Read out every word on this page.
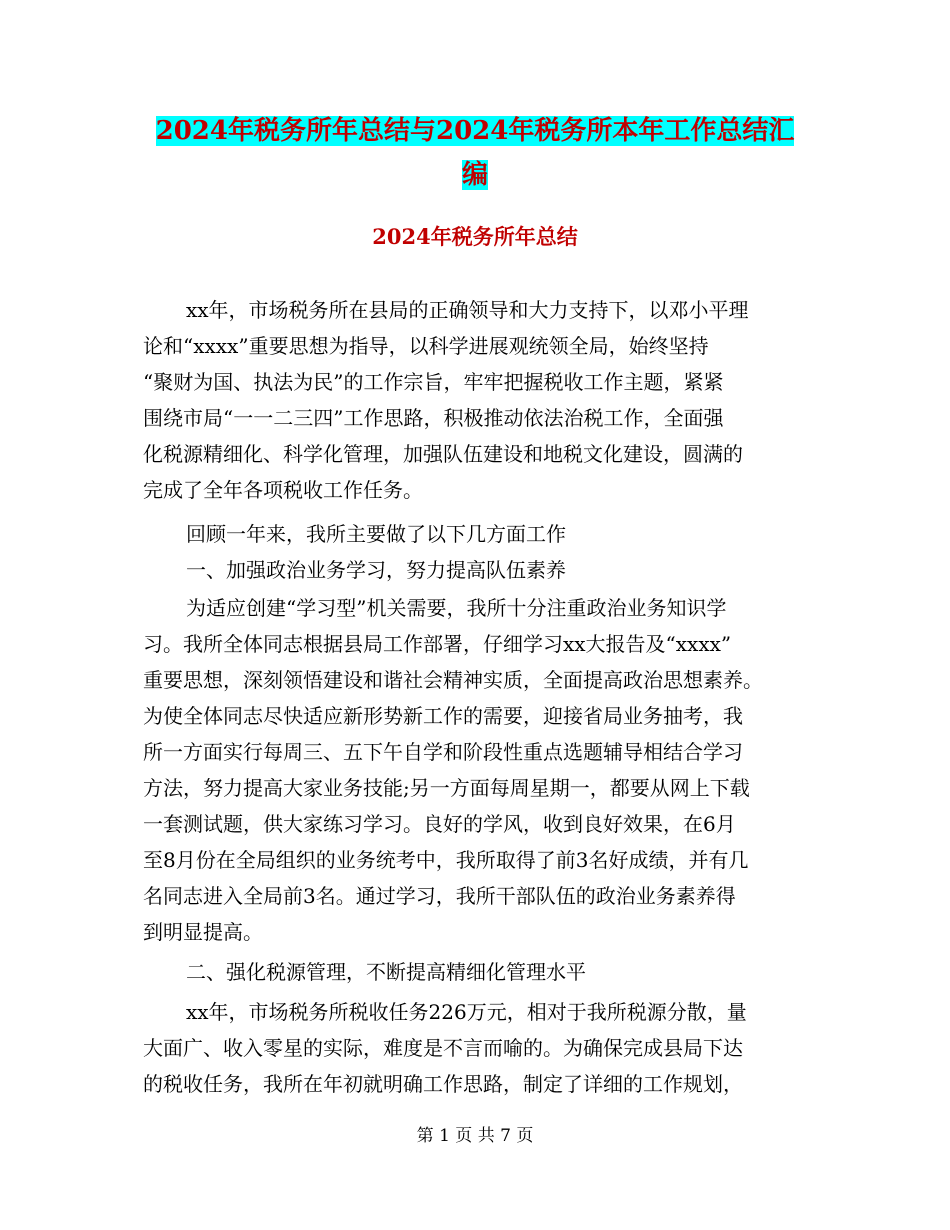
2024年税务所年总结与2024年税务所本年工作总结汇
编
2024年税务所年总结
xx年，市场税务所在县局的正确领导和大力支持下，以邓小平理
论和“xxxx”重要思想为指导，以科学进展观统领全局，始终坚持
“聚财为国、执法为民”的工作宗旨，牢牢把握税收工作主题，紧紧
围绕市局“一一二三四”工作思路，积极推动依法治税工作，全面强
化税源精细化、科学化管理，加强队伍建设和地税文化建设，圆满的
完成了全年各项税收工作任务。
回顾一年来，我所主要做了以下几方面工作
一、加强政治业务学习，努力提高队伍素养
为适应创建“学习型”机关需要，我所十分注重政治业务知识学
习。我所全体同志根据县局工作部署，仔细学习xx大报告及“xxxx”
重要思想，深刻领悟建设和谐社会精神实质，全面提高政治思想素养。
为使全体同志尽快适应新形势新工作的需要，迎接省局业务抽考，我
所一方面实行每周三、五下午自学和阶段性重点选题辅导相结合学习
方法，努力提高大家业务技能;另一方面每周星期一，都要从网上下载
一套测试题，供大家练习学习。良好的学风，收到良好效果，在6月
至8月份在全局组织的业务统考中，我所取得了前3名好成绩，并有几
名同志进入全局前3名。通过学习，我所干部队伍的政治业务素养得
到明显提高。
二、强化税源管理，不断提高精细化管理水平
xx年，市场税务所税收任务226万元，相对于我所税源分散，量
大面广、收入零星的实际，难度是不言而喻的。为确保完成县局下达
的税收任务，我所在年初就明确工作思路，制定了详细的工作规划，
第 1 页 共 7 页
